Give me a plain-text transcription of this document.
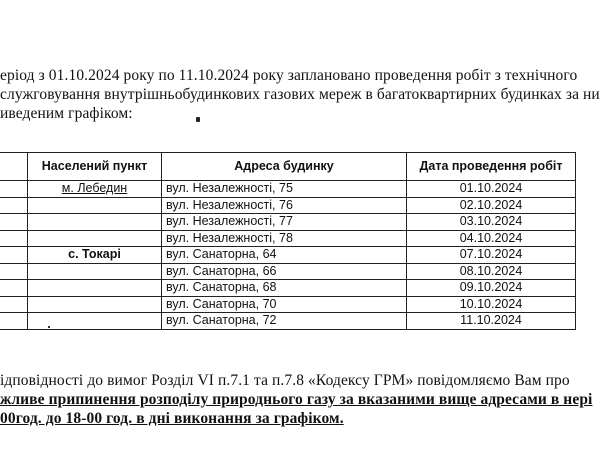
еріод з 01.10.2024 року по 11.10.2024 року заплановано проведення робіт з технічного
служговування внутрішньобудинкових газових мереж в багатоквартирних будинках за ни
иведеним графіком:
	Населений пункт	Адреса будинку	Дата проведення робіт
	м. Лебедин	вул. Незалежності, 75	01.10.2024
		вул. Незалежності, 76	02.10.2024
		вул. Незалежності, 77	03.10.2024
		вул. Незалежності, 78	04.10.2024
	с. Токарі	вул. Санаторна, 64	07.10.2024
		вул. Санаторна, 66	08.10.2024
		вул. Санаторна, 68	09.10.2024
		вул. Санаторна, 70	10.10.2024
		вул. Санаторна, 72	11.10.2024
ідповідності до вимог Розділ VI п.7.1 та п.7.8 «Кодексу ГРМ» повідомляємо Вам про
жливе припинення розподілу природнього газу за вказаними вище адресами в нері
00год. до 18-00 год. в дні виконання за графіком.
